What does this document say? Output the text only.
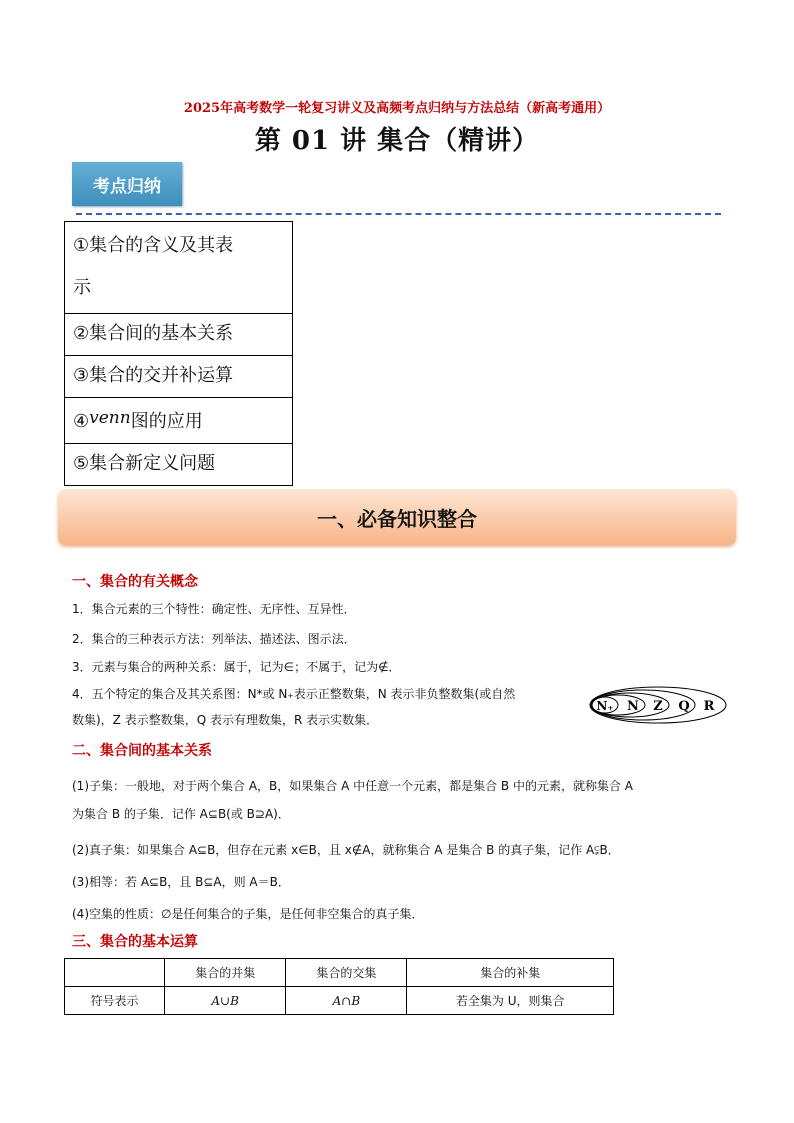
2025年高考数学一轮复习讲义及高频考点归纳与方法总结（新高考通用）
第 01 讲 集合（精讲）
考点归纳
①集合的含义及其表
示
②集合间的基本关系
③集合的交并补运算
④venn图的应用
⑤集合新定义问题
一、必备知识整合
一、集合的有关概念
1．集合元素的三个特性：确定性、无序性、互异性．
2．集合的三种表示方法：列举法、描述法、图示法．
3．元素与集合的两种关系：属于，记为∈；不属于，记为∉．
4．五个特定的集合及其关系图：N*或 N₊表示正整数集，N 表示非负整数集(或自然
数集)，Z 表示整数集，Q 表示有理数集，R 表示实数集．
N₊ N Z Q R
二、集合间的基本关系
(1)子集：一般地，对于两个集合 A，B，如果集合 A 中任意一个元素，都是集合 B 中的元素，就称集合 A
为集合 B 的子集．记作 A⊆B(或 B⊇A)．
(2)真子集：如果集合 A⊆B，但存在元素 x∈B，且 x∉A，就称集合 A 是集合 B 的真子集，记作 A⫋B．
(3)相等：若 A⊆B，且 B⊆A，则 A＝B．
(4)空集的性质：∅是任何集合的子集，是任何非空集合的真子集．
三、集合的基本运算
	集合的并集	集合的交集	集合的补集
符号表示	A∪B	A∩B	若全集为 U，则集合
